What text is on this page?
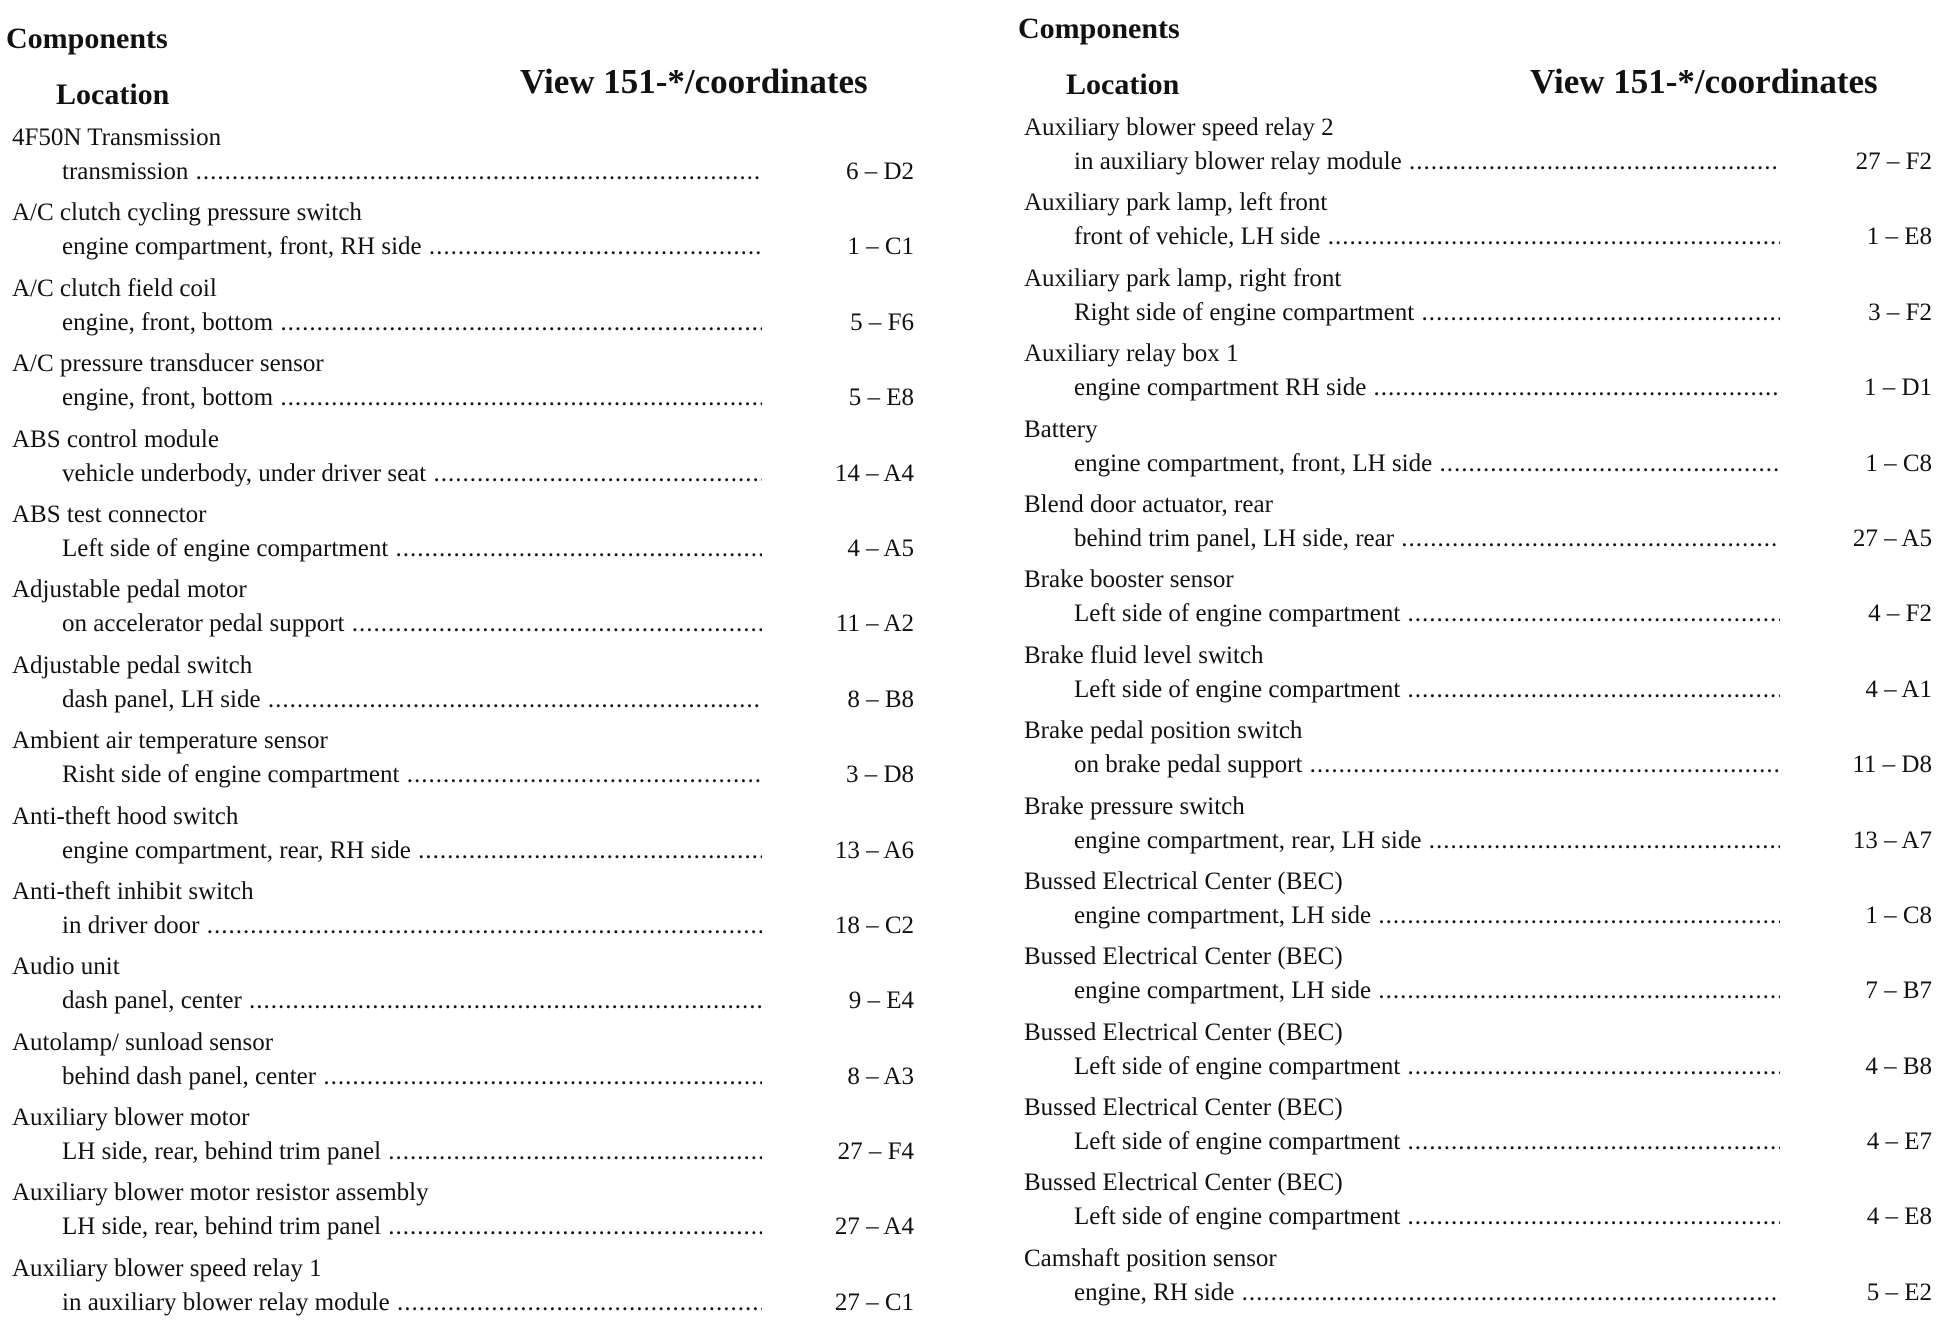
Components
Location	View 151-*/coordinates
4F50N Transmission
transmission .....	6 – D2
A/C clutch cycling pressure switch
engine compartment, front, RH side .....	1 – C1
A/C clutch field coil
engine, front, bottom .....	5 – F6
A/C pressure transducer sensor
engine, front, bottom .....	5 – E8
ABS control module
vehicle underbody, under driver seat .....	14 – A4
ABS test connector
Left side of engine compartment .....	4 – A5
Adjustable pedal motor
on accelerator pedal support .....	11 – A2
Adjustable pedal switch
dash panel, LH side .....	8 – B8
Ambient air temperature sensor
Risht side of engine compartment .....	3 – D8
Anti-theft hood switch
engine compartment, rear, RH side .....	13 – A6
Anti-theft inhibit switch
in driver door .....	18 – C2
Audio unit
dash panel, center .....	9 – E4
Autolamp/ sunload sensor
behind dash panel, center .....	8 – A3
Auxiliary blower motor
LH side, rear, behind trim panel .....	27 – F4
Auxiliary blower motor resistor assembly
LH side, rear, behind trim panel .....	27 – A4
Auxiliary blower speed relay 1
in auxiliary blower relay module .....	27 – C1
Components
Location	View 151-*/coordinates
Auxiliary blower speed relay 2
in auxiliary blower relay module .....	27 – F2
Auxiliary park lamp, left front
front of vehicle, LH side .....	1 – E8
Auxiliary park lamp, right front
Right side of engine compartment .....	3 – F2
Auxiliary relay box 1
engine compartment RH side .....	1 – D1
Battery
engine compartment, front, LH side .....	1 – C8
Blend door actuator, rear
behind trim panel, LH side, rear .....	27 – A5
Brake booster sensor
Left side of engine compartment .....	4 – F2
Brake fluid level switch
Left side of engine compartment .....	4 – A1
Brake pedal position switch
on brake pedal support .....	11 – D8
Brake pressure switch
engine compartment, rear, LH side .....	13 – A7
Bussed Electrical Center (BEC)
engine compartment, LH side .....	1 – C8
Bussed Electrical Center (BEC)
engine compartment, LH side .....	7 – B7
Bussed Electrical Center (BEC)
Left side of engine compartment .....	4 – B8
Bussed Electrical Center (BEC)
Left side of engine compartment .....	4 – E7
Bussed Electrical Center (BEC)
Left side of engine compartment .....	4 – E8
Camshaft position sensor
engine, RH side .....	5 – E2
